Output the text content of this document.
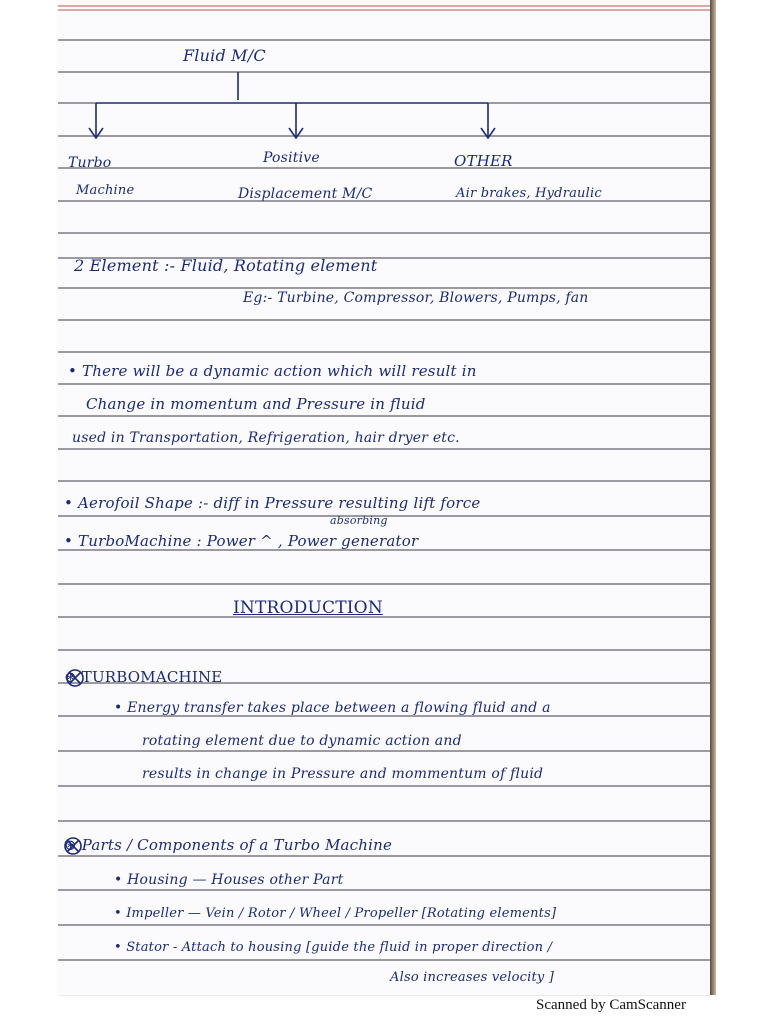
Fluid M/C
Turbo
Machine
Positive
Displacement M/C
OTHER
Air brakes, Hydraulic
2 Element :- Fluid, Rotating element
Eg:- Turbine, Compressor, Blowers, Pumps, fan
• There will be a dynamic action which will result in
Change in momentum and Pressure in fluid
used in Transportation, Refrigeration, hair dryer etc.
• Aerofoil Shape :- diff in Pressure resulting lift force
absorbing
• TurboMachine : Power ^ , Power generator
INTRODUCTION
⊛ TURBOMACHINE
• Energy transfer takes place between a flowing fluid and a
rotating element due to dynamic action and
results in change in Pressure and mommentum of fluid
⊛ Parts / Components of a Turbo Machine
• Housing — Houses other Part
• Impeller — Vein / Rotor / Wheel / Propeller [Rotating elements]
• Stator - Attach to housing [guide the fluid in proper direction /
Also increases velocity ]
Scanned by CamScanner
